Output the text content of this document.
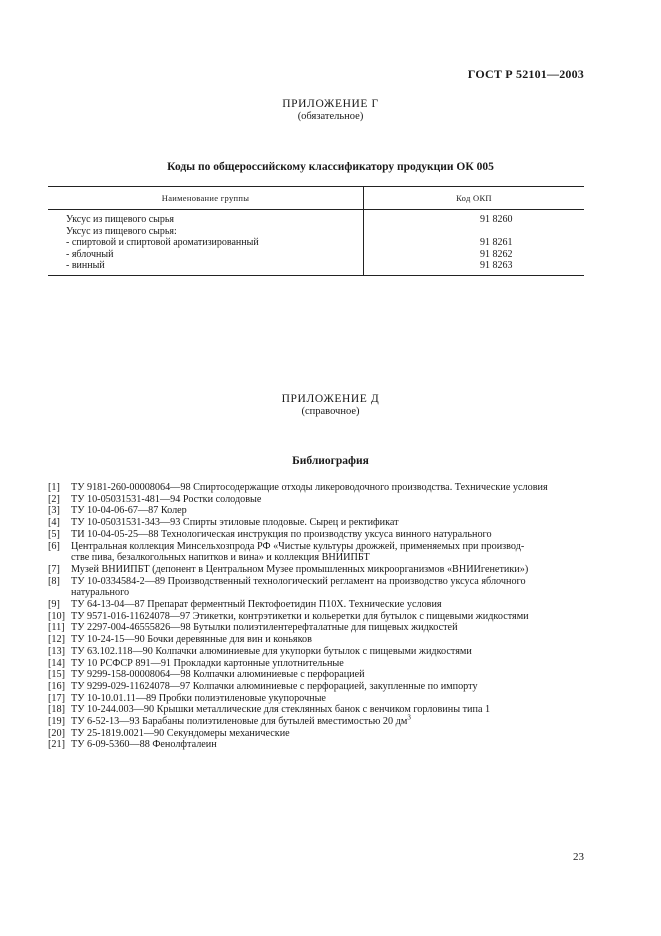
ГОСТ Р 52101—2003
ПРИЛОЖЕНИЕ Г
(обязательное)
Коды по общероссийскому классификатору продукции ОК 005
Наименование группы	Код ОКП
Уксус из пищевого сырья	91 8260
Уксус из пищевого сырья:	
- спиртовой и спиртовой ароматизированный	91 8261
- яблочный	91 8262
- винный	91 8263
ПРИЛОЖЕНИЕ Д
(справочное)
Библиография
[1]	ТУ 9181-260-00008064—98 Спиртосодержащие отходы ликероводочного производства. Технические условия
[2]	ТУ 10-05031531-481—94 Ростки солодовые
[3]	ТУ 10-04-06-67—87 Колер
[4]	ТУ 10-05031531-343—93 Спирты этиловые плодовые. Сырец и ректификат
[5]	ТИ 10-04-05-25—88 Технологическая инструкция по производству уксуса винного натурального
[6]	Центральная коллекция Минсельхозпрода РФ «Чистые культуры дрожжей, применяемых при производ-
стве пива, безалкогольных напитков и вина» и коллекция ВНИИПБТ
[7]	Музей ВНИИПБТ (депонент в Центральном Музее промышленных микроорганизмов «ВНИИгенетики»)
[8]	ТУ 10-0334584-2—89 Производственный технологический регламент на производство уксуса яблочного
натурального
[9]	ТУ 64-13-04—87 Препарат ферментный Пектофоетидин П10Х. Технические условия
[10] ТУ 9571-016-11624078—97 Этикетки, контрэтикетки и кольеретки для бутылок с пищевыми жидкостями
[11] ТУ 2297-004-46555826—98 Бутылки полиэтилентерефталатные для пищевых жидкостей
[12] ТУ 10-24-15—90 Бочки деревянные для вин и коньяков
[13] ТУ 63.102.118—90 Колпачки алюминиевые для укупорки бутылок с пищевыми жидкостями
[14] ТУ 10 РСФСР 891—91 Прокладки картонные уплотнительные
[15] ТУ 9299-158-00008064—98 Колпачки алюминиевые с перфорацией
[16] ТУ 9299-029-11624078—97 Колпачки алюминиевые с перфорацией, закупленные по импорту
[17] ТУ 10-10.01.11—89 Пробки полиэтиленовые укупорочные
[18] ТУ 10-244.003—90 Крышки металлические для стеклянных банок с венчиком горловины типа 1
[19] ТУ 6-52-13—93 Барабаны полиэтиленовые для бутылей вместимостью 20 $дм^3$
[20] ТУ 25-1819.0021—90 Секундомеры механические
[21] ТУ 6-09-5360—88 Фенолфталеин
23
